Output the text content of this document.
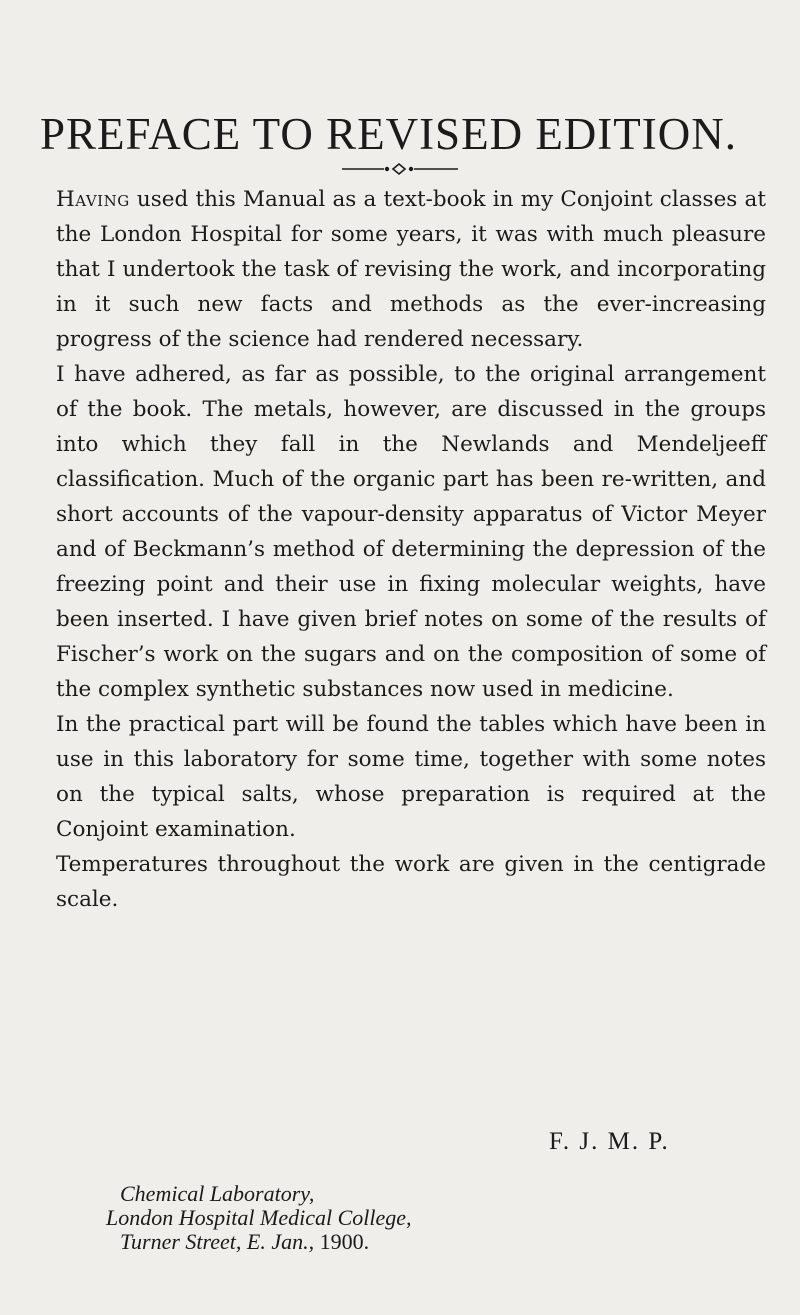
PREFACE TO REVISED EDITION.

Having used this Manual as a text-book in my Conjoint classes at the London Hospital for some years, it was with much pleasure that I undertook the task of revising the work, and incorporating in it such new facts and methods as the ever-increasing progress of the science had rendered necessary.

I have adhered, as far as possible, to the original arrangement of the book. The metals, however, are discussed in the groups into which they fall in the Newlands and Mendeljeeff classification. Much of the organic part has been re-written, and short accounts of the vapour-density apparatus of Victor Meyer and of Beckmann’s method of determining the depression of the freezing point and their use in fixing molecular weights, have been inserted. I have given brief notes on some of the results of Fischer’s work on the sugars and on the composition of some of the complex synthetic substances now used in medicine.

In the practical part will be found the tables which have been in use in this laboratory for some time, together with some notes on the typical salts, whose preparation is required at the Conjoint examination.

Temperatures throughout the work are given in the centigrade scale.

F. J. M. P.
Chemical Laboratory,
London Hospital Medical College,
Turner Street, E. Jan., 1900.
